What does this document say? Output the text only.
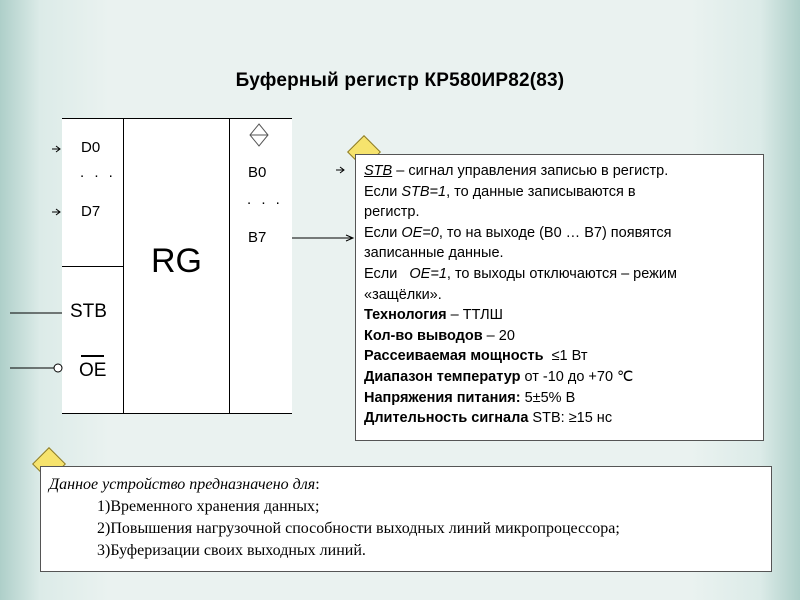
Буферный регистр КР580ИР82(83)
D0
. . .
D7
B0
. . .
B7
RG
STB
OE
STB – сигнал управления записью в регистр.
Если STB=1, то данные записываются в
регистр.
Если OE=0, то на выходе (B0 … B7) появятся
записанные данные.
Если   OE=1, то выходы отключаются – режим
«защёлки».
Технология – ТТЛШ
Кол-во выводов – 20
Рассеиваемая мощность  ≤1 Вт
Диапазон температур от -10 до +70 ℃
Напряжения питания: 5±5% В
Длительность сигнала STB: ≥15 нс
Данное устройство предназначено для:
1)Временного хранения данных;
2)Повышения нагрузочной способности выходных линий микропроцессора;
3)Буферизации своих выходных линий.
